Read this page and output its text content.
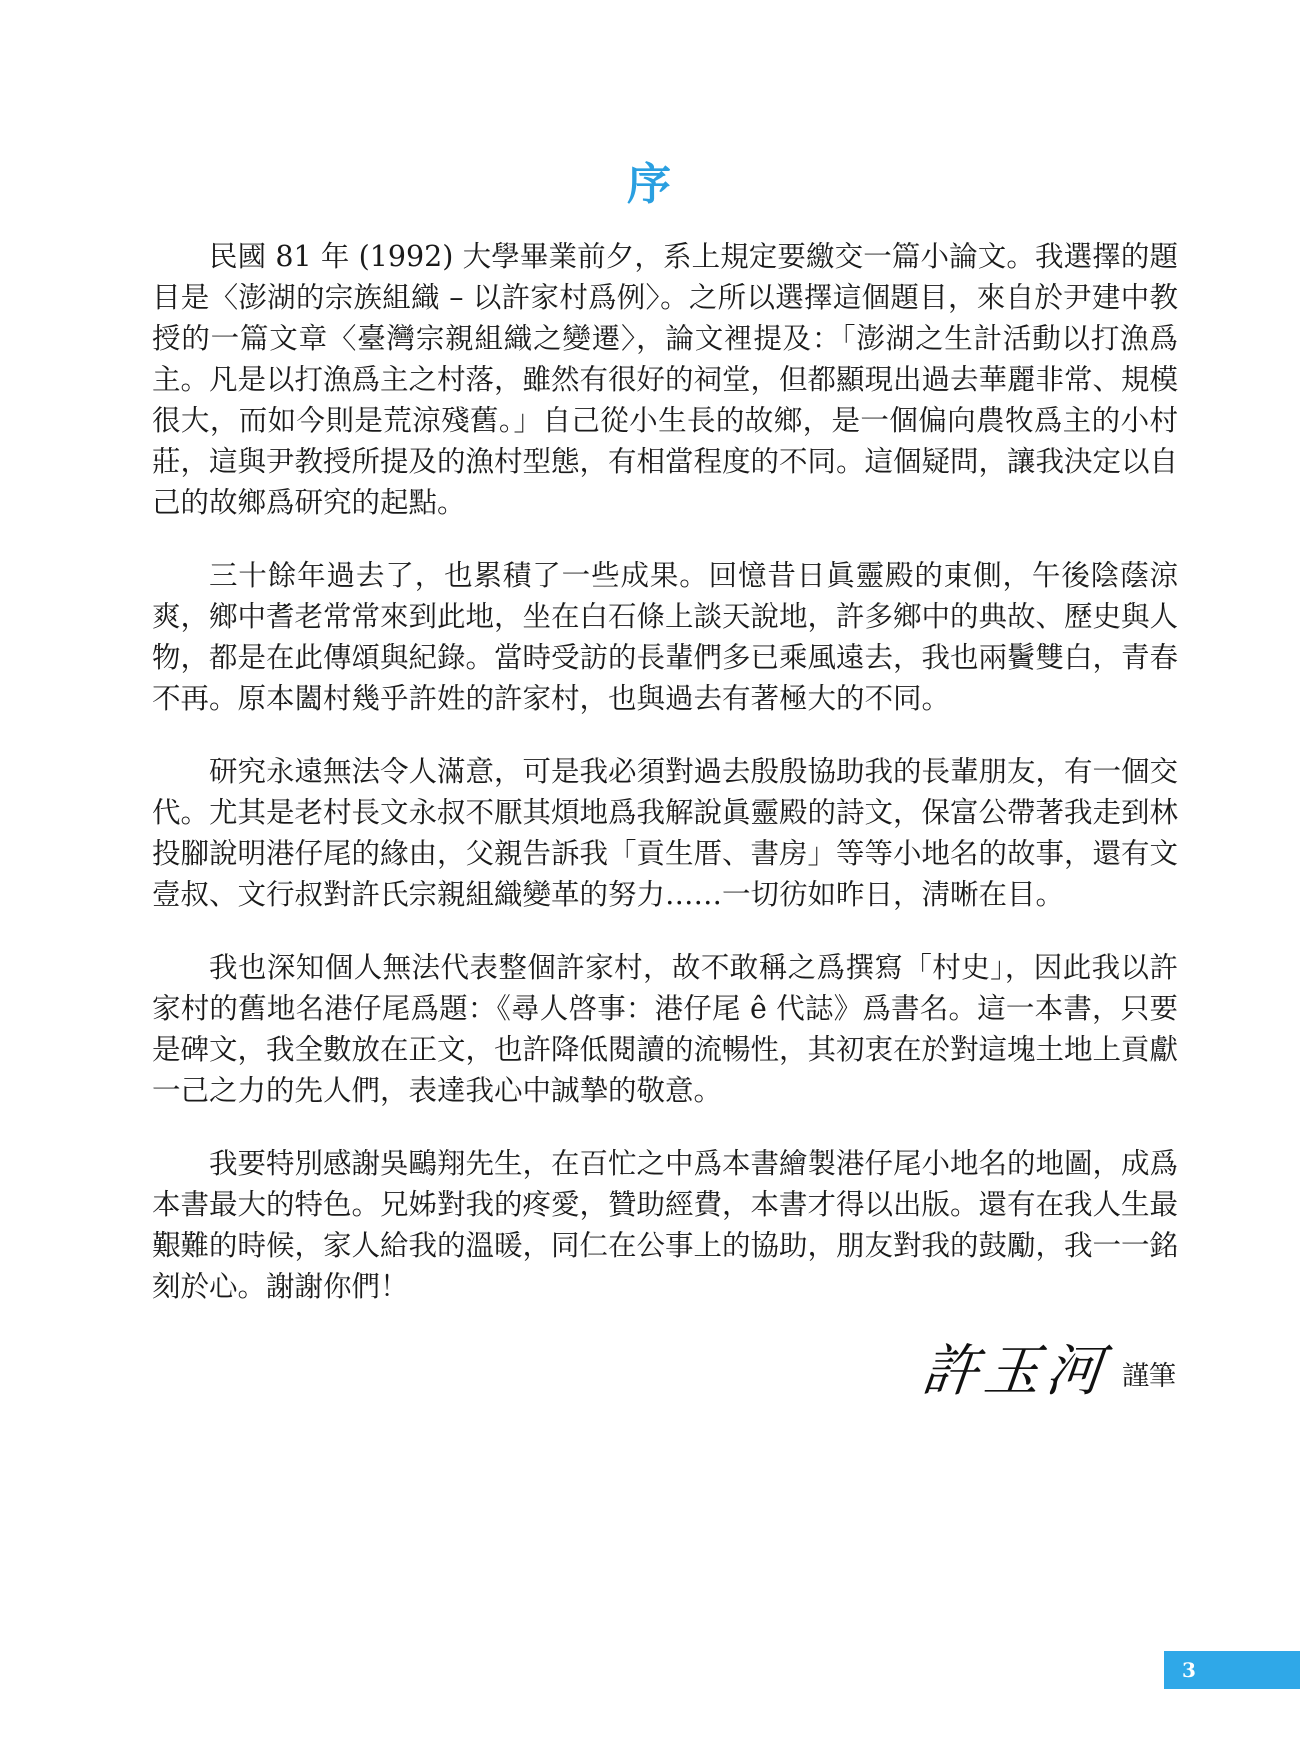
序

民國 81 年 (1992) 大學畢業前夕，系上規定要繳交一篇小論文。我選擇的題目是〈澎湖的宗族組織 – 以許家村爲例〉。之所以選擇這個題目，來自於尹建中教授的一篇文章〈臺灣宗親組織之變遷〉，論文裡提及：「澎湖之生計活動以打漁爲主。凡是以打漁爲主之村落，雖然有很好的祠堂，但都顯現出過去華麗非常、規模很大，而如今則是荒涼殘舊。」自己從小生長的故鄉，是一個偏向農牧爲主的小村莊，這與尹教授所提及的漁村型態，有相當程度的不同。這個疑問，讓我決定以自己的故鄉爲研究的起點。

三十餘年過去了，也累積了一些成果。回憶昔日眞靈殿的東側，午後陰蔭涼爽，鄉中耆老常常來到此地，坐在白石條上談天說地，許多鄉中的典故、歷史與人物，都是在此傳頌與紀錄。當時受訪的長輩們多已乘風遠去，我也兩鬢雙白，青春不再。原本闔村幾乎許姓的許家村，也與過去有著極大的不同。

研究永遠無法令人滿意，可是我必須對過去殷殷協助我的長輩朋友，有一個交代。尤其是老村長文永叔不厭其煩地爲我解說眞靈殿的詩文，保富公帶著我走到林投腳說明港仔尾的緣由，父親告訴我「貢生厝、書房」等等小地名的故事，還有文壹叔、文行叔對許氏宗親組織變革的努力……一切彷如昨日，淸晰在目。

我也深知個人無法代表整個許家村，故不敢稱之爲撰寫「村史」，因此我以許家村的舊地名港仔尾爲題：《尋人啓事：港仔尾 ê 代誌》爲書名。這一本書，只要是碑文，我全數放在正文，也許降低閱讀的流暢性，其初衷在於對這塊土地上貢獻一己之力的先人們，表達我心中誠摯的敬意。

我要特別感謝吳鷗翔先生，在百忙之中爲本書繪製港仔尾小地名的地圖，成爲本書最大的特色。兄姊對我的疼愛，贊助經費，本書才得以出版。還有在我人生最艱難的時候，家人給我的溫暖，同仁在公事上的協助，朋友對我的鼓勵，我一一銘刻於心。謝謝你們！

許玉河 謹筆
3
